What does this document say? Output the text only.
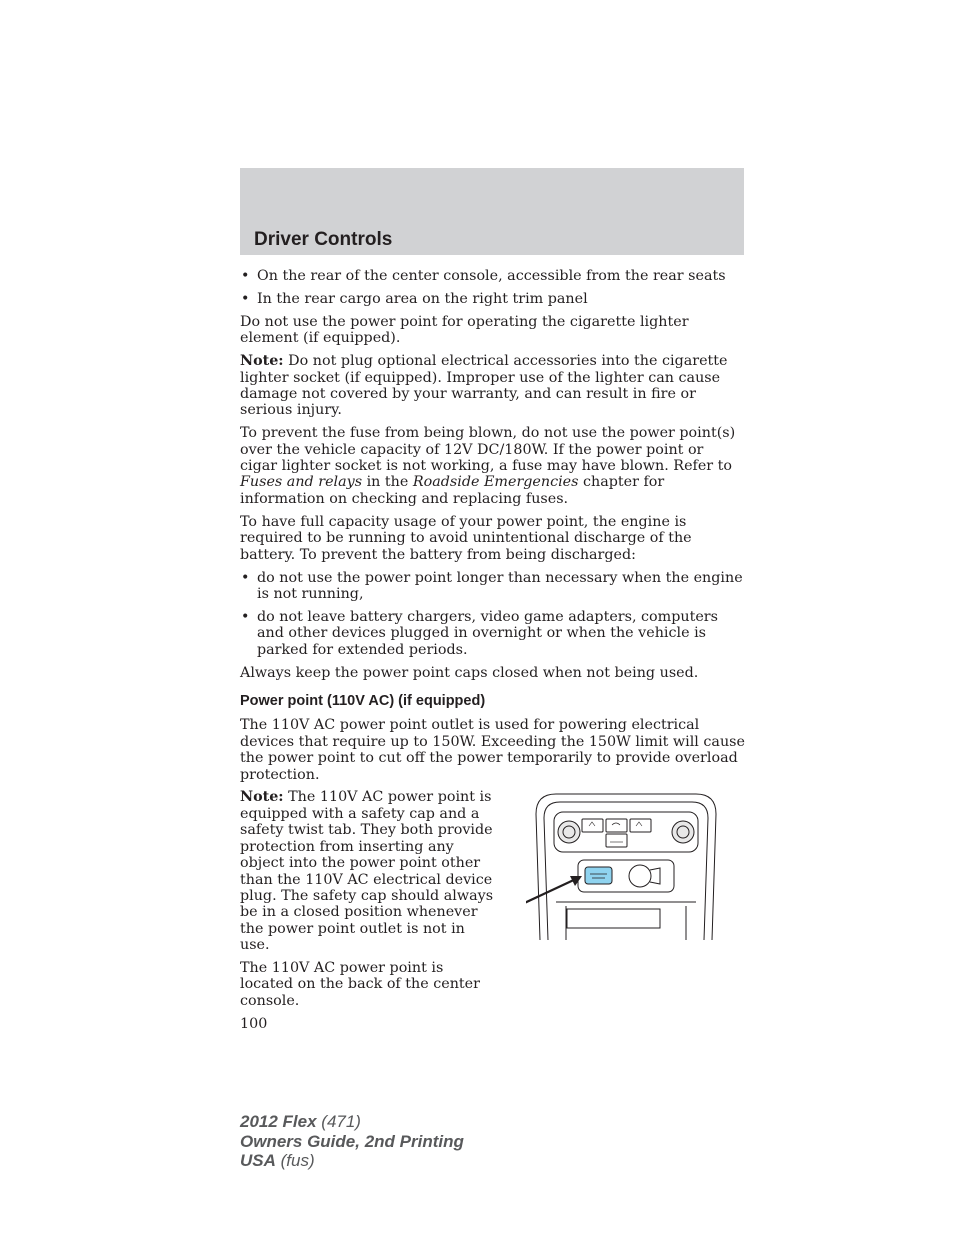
Driver Controls
• On the rear of the center console, accessible from the rear seats
• In the rear cargo area on the right trim panel

Do not use the power point for operating the cigarette lighter element (if equipped).

Note: Do not plug optional electrical accessories into the cigarette lighter socket (if equipped). Improper use of the lighter can cause damage not covered by your warranty, and can result in fire or serious injury.

To prevent the fuse from being blown, do not use the power point(s) over the vehicle capacity of 12V DC/180W. If the power point or cigar lighter socket is not working, a fuse may have blown. Refer to Fuses and relays in the Roadside Emergencies chapter for information on checking and replacing fuses.

To have full capacity usage of your power point, the engine is required to be running to avoid unintentional discharge of the battery. To prevent the battery from being discharged:

• do not use the power point longer than necessary when the engine is not running,
• do not leave battery chargers, video game adapters, computers and other devices plugged in overnight or when the vehicle is parked for extended periods.

Always keep the power point caps closed when not being used.

Power point (110V AC) (if equipped)

The 110V AC power point outlet is used for powering electrical devices that require up to 150W. Exceeding the 150W limit will cause the power point to cut off the power temporarily to provide overload protection.

Note: The 110V AC power point is equipped with a safety cap and a safety twist tab. They both provide protection from inserting any object into the power point other than the 110V AC electrical device plug. The safety cap should always be in a closed position whenever the power point outlet is not in use.

The 110V AC power point is located on the back of the center console.

100
2012 Flex (471)
Owners Guide, 2nd Printing
USA (fus)
